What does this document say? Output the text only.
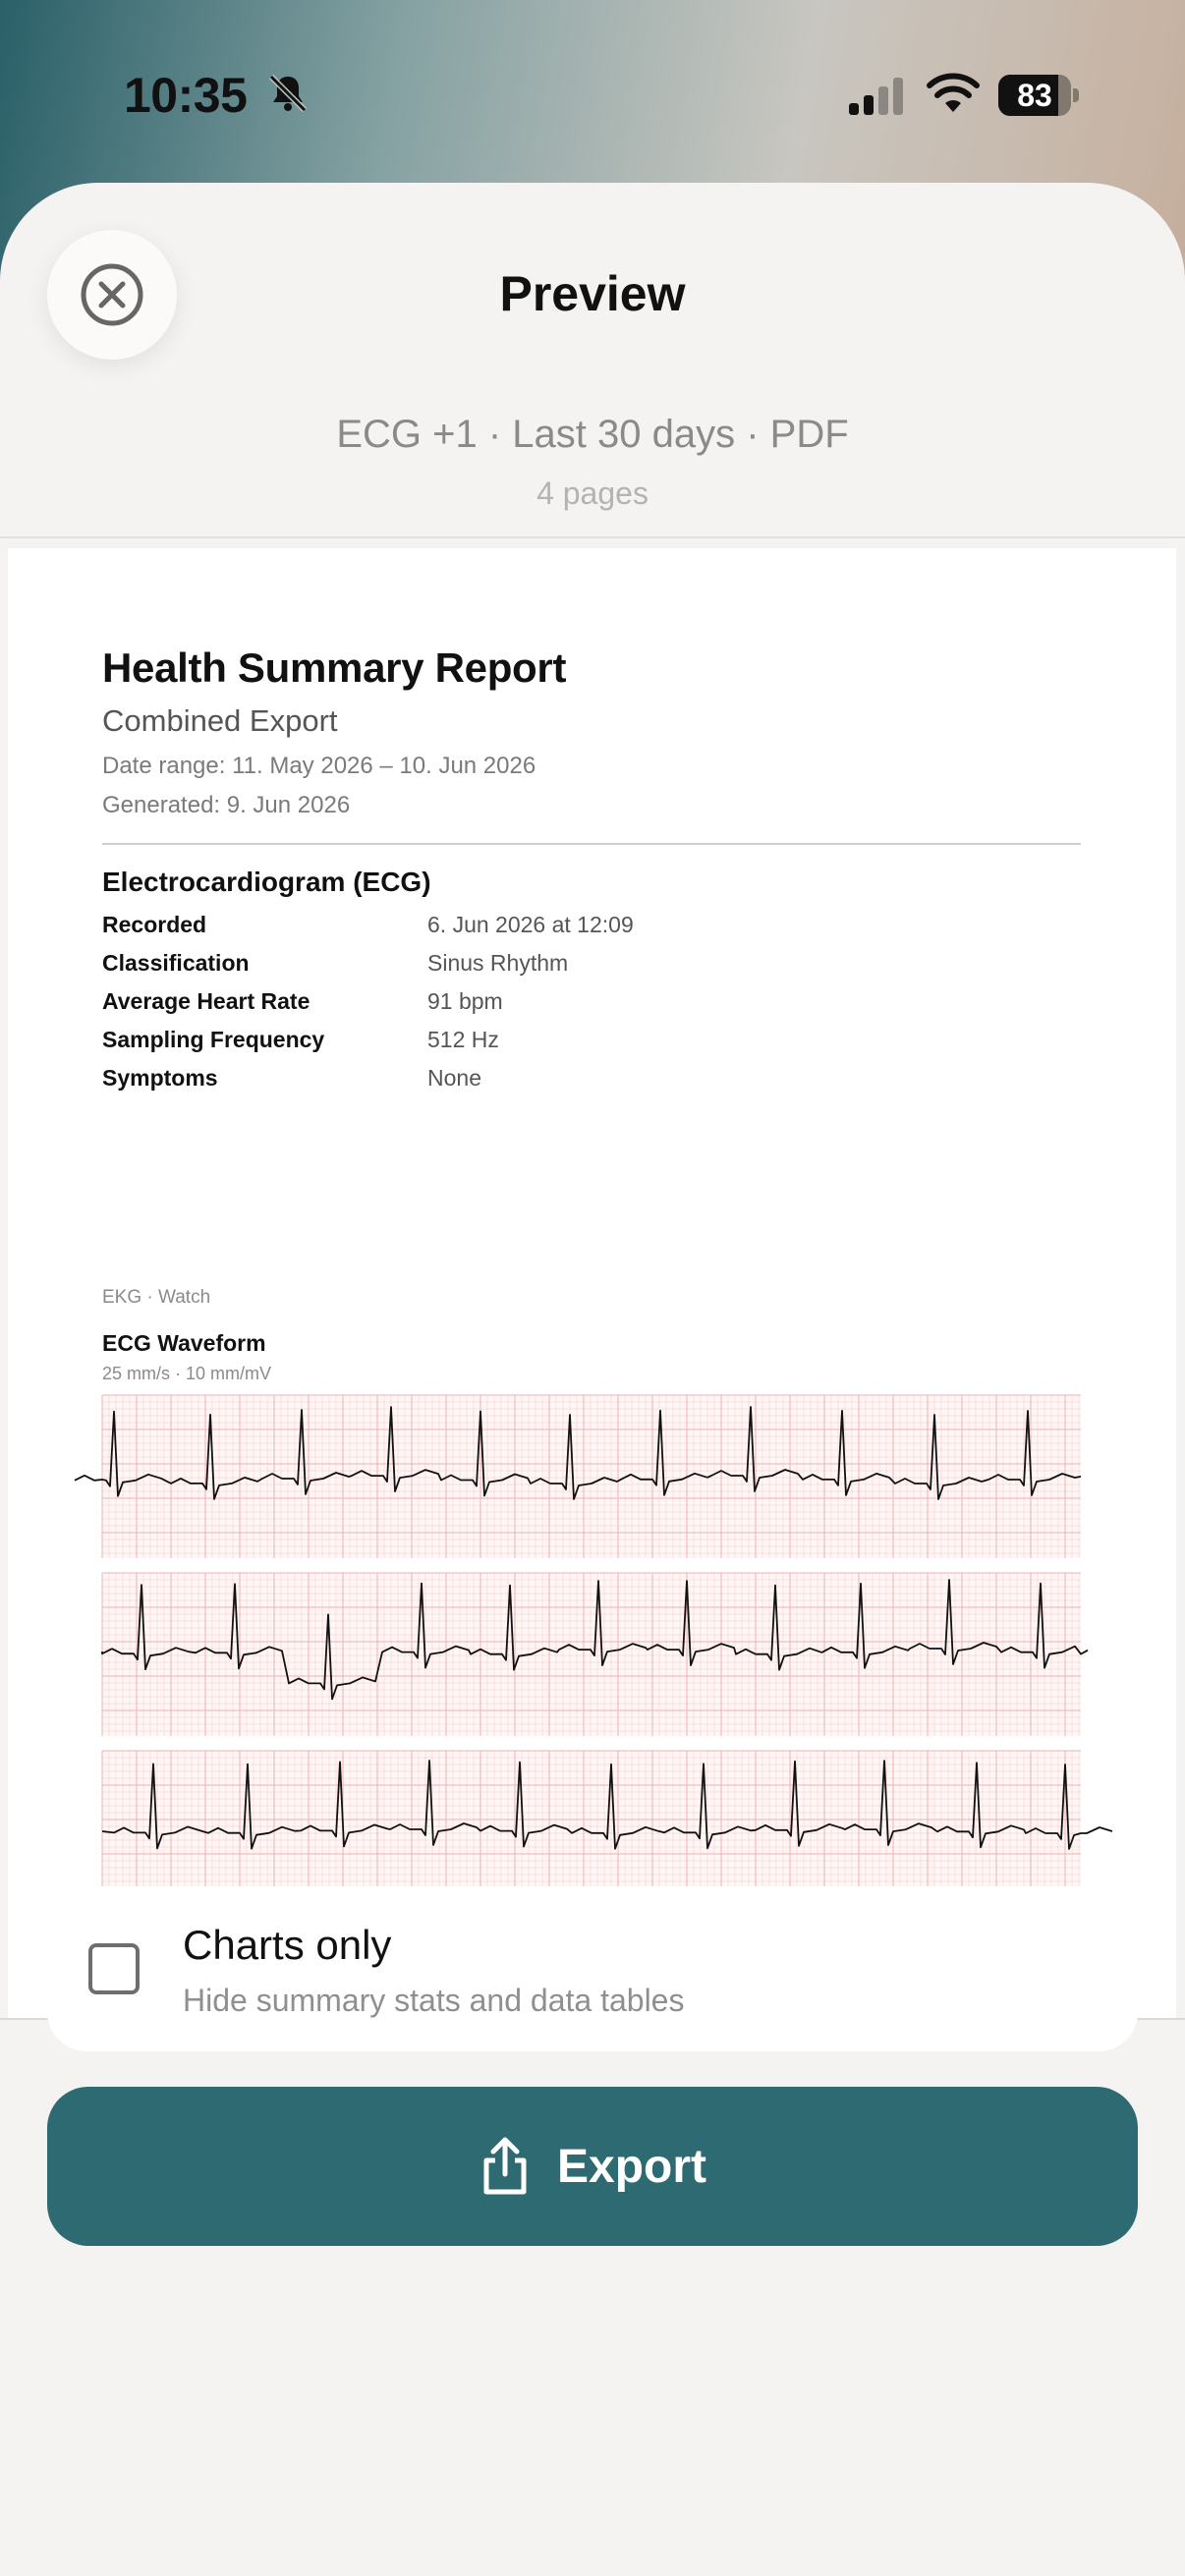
10:35	83
Preview
ECG +1 · Last 30 days · PDF
4 pages
Health Summary Report
Combined Export
Date range: 11. May 2026 – 10. Jun 2026
Generated: 9. Jun 2026
Electrocardiogram (ECG)
Recorded	6. Jun 2026 at 12:09
Classification	Sinus Rhythm
Average Heart Rate	91 bpm
Sampling Frequency	512 Hz
Symptoms	None
EKG · Watch
ECG Waveform
25 mm/s · 10 mm/mV
Charts only
Hide summary stats and data tables
Export
